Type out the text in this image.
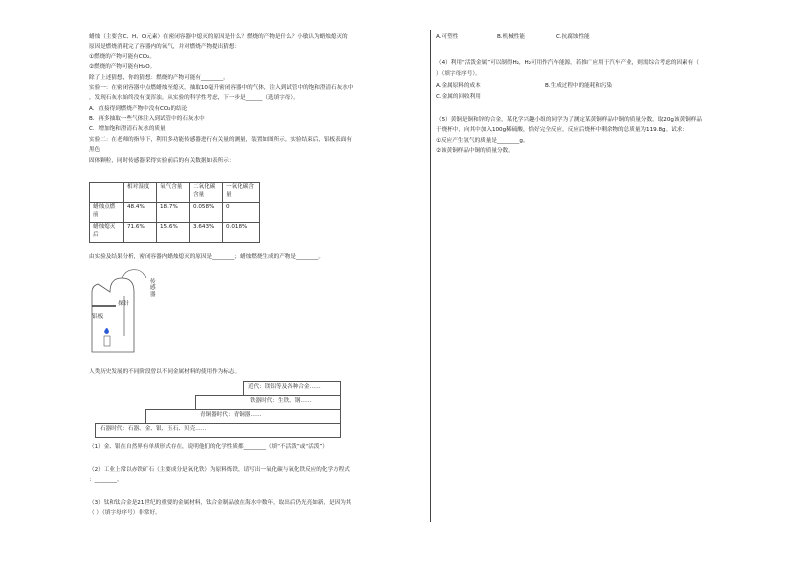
蜡烛（主要含C、H、O元素）在密闭容器中熄灭的原因是什么？燃烧的产物是什么？小敏认为蜡烛熄灭的
原因是燃烧消耗完了容器内的氧气，并对燃烧产物提出猜想：
①燃烧的产物可能有CO₂。
②燃烧的产物可能有H₂O。
除了上述猜想，你的猜想：燃烧的产物可能有________。
实验一：在密闭容器中点燃蜡烛至熄灭，抽取10毫升密闭容器中的气体，注入到试管中的饱和澄清石灰水中
，发现石灰水始终没有变浑浊。从实验的科学性考虑，下一步是______（选填字母）。
A．直接得到燃烧产物中没有CO₂的结论
B．再多抽取一些气体注入到试管中的石灰水中
C．增加饱和澄清石灰水的质量
实验二：在老师的指导下，利用多功能传感器进行有关量的测量，装置如图所示。实验结束后，铝板表面有
黑色
固体颗粒，同时传感器采得实验前后的有关数据如表所示：
	相对湿度	氧气含量	二氧化碳含量	一氧化碳含量
蜡烛点燃前	48.4%	18.7%	0.058%	0
蜡烛熄灭后	71.6%	15.6%	3.643%	0.018%
由实验及结果分析，密闭容器内蜡烛熄灭的原因是________；蜡烛燃烧生成的产物是________。
传感器
探针
铝板
人类历史发展的不同阶段曾以不同金属材料的使用作为标志。
近代：镁铝等及各种合金……
铁器时代：生铁、钢……
青铜器时代：青铜器……
石器时代：石器、金、银、玉石、贝壳……
（1）金、银在自然界有单质形式存在，说明他们的化学性质都________（填“不活泼”或“活泼”）
（2）工业上常以赤铁矿石（主要成分是氧化铁）为原料炼铁，请写出一氧化碳与氧化铁反应的化学方程式
：________。
（3）钛和钛合金是21世纪的重要的金属材料，钛合金制品放在海水中数年，取出后仍光亮如新，是因为其
（ ）（填字母序号）非常好。
A.可塑性	B.机械性能	C.抗腐蚀性能
（4）利用“活泼金属”可以制得H₂，H₂可用作汽车能源，若推广应用于汽车产业，则需综合考虑的因素有（
）（填字母序号）。
A.金属原料的成本	B.生成过程中的能耗和污染
C.金属的回收利用
（5）黄铜是铜和锌的合金，某化学兴趣小组的同学为了测定某黄铜样品中铜的质量分数，取20g该黄铜样品
于烧杯中，向其中加入100g稀硫酸，恰好完全反应，反应后烧杯中剩余物的总质量为119.8g。试求：
①反应产生氢气的质量是________g。
②该黄铜样品中铜的质量分数。
